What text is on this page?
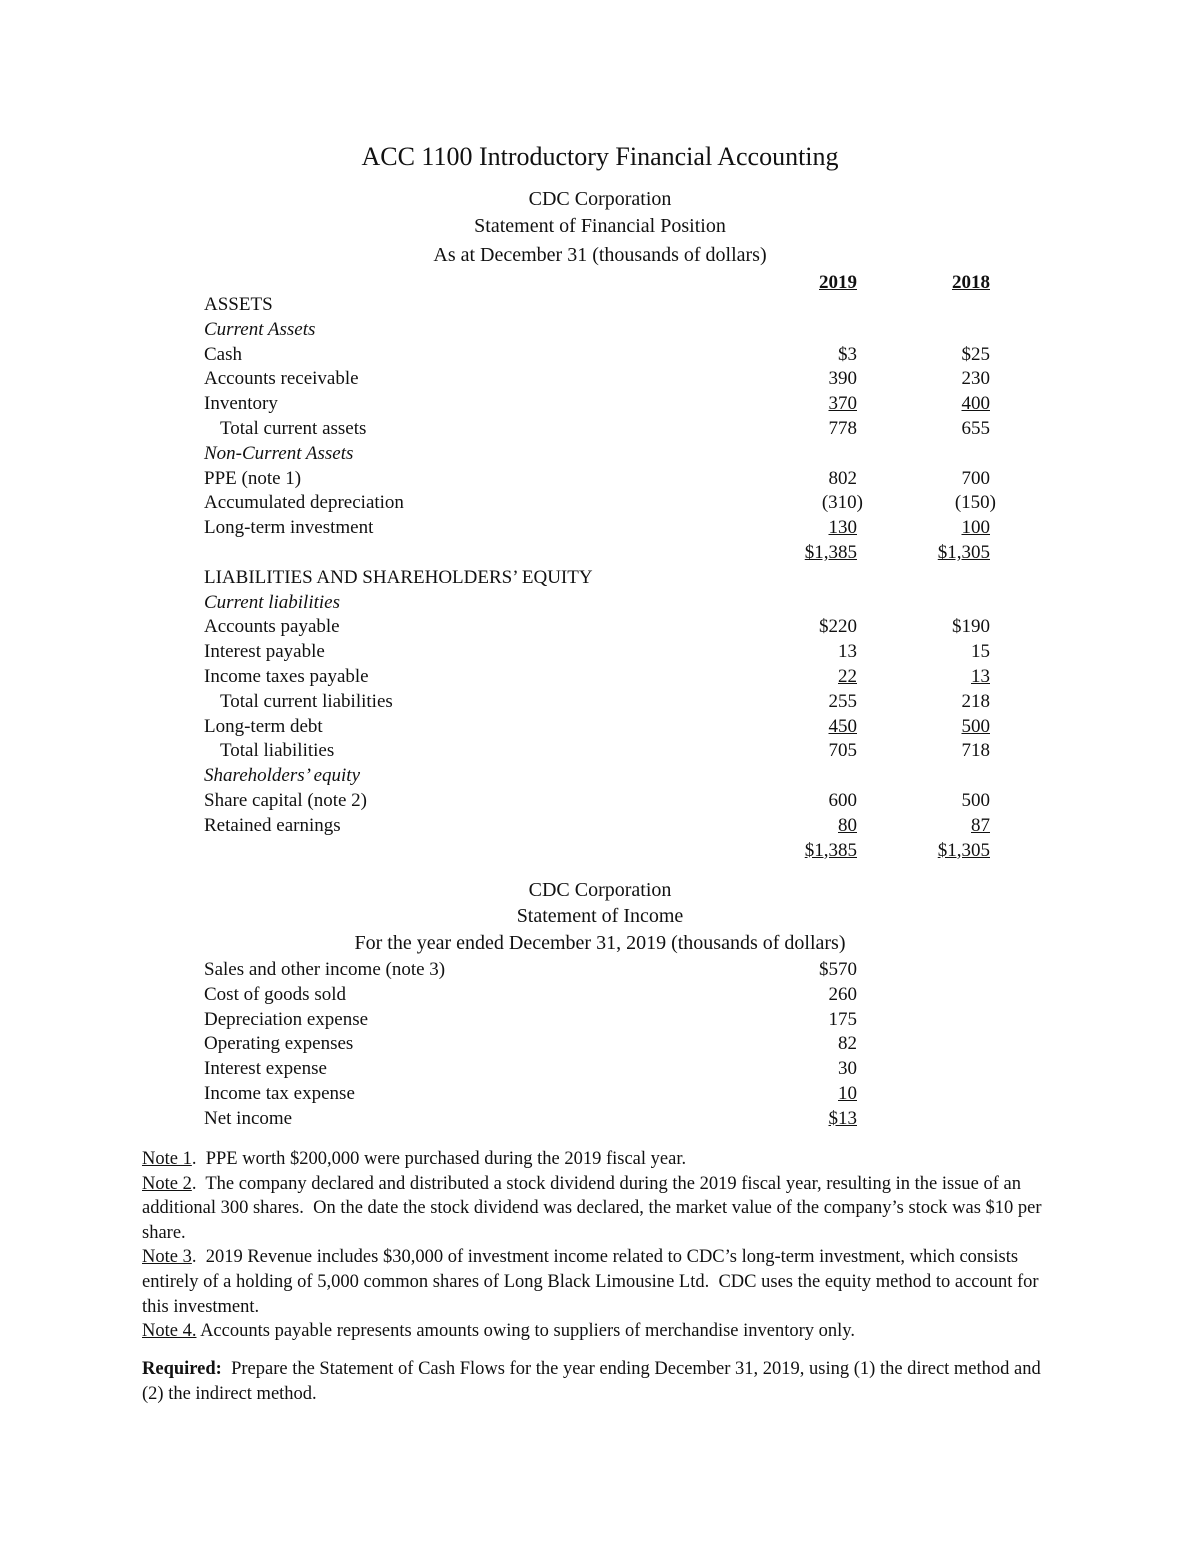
ACC 1100 Introductory Financial Accounting
CDC Corporation
Statement of Financial Position
As at December 31 (thousands of dollars)
2019	2018
ASSETS
Current Assets
Cash	$3	$25
Accounts receivable	390	230
Inventory	370	400
Total current assets	778	655
Non-Current Assets
PPE (note 1)	802	700
Accumulated depreciation	(310)	(150)
Long-term investment	130	100
$1,385	$1,305
LIABILITIES AND SHAREHOLDERS’ EQUITY
Current liabilities
Accounts payable	$220	$190
Interest payable	13	15
Income taxes payable	22	13
Total current liabilities	255	218
Long-term debt	450	500
Total liabilities	705	718
Shareholders’ equity
Share capital (note 2)	600	500
Retained earnings	80	87
$1,385	$1,305
CDC Corporation
Statement of Income
For the year ended December 31, 2019 (thousands of dollars)
Sales and other income (note 3)	$570
Cost of goods sold	260
Depreciation expense	175
Operating expenses	82
Interest expense	30
Income tax expense	10
Net income	$13

Note 1.  PPE worth $200,000 were purchased during the 2019 fiscal year.

Note 2.  The company declared and distributed a stock dividend during the 2019 fiscal year, resulting in the issue of an additional 300 shares.  On the date the stock dividend was declared, the market value of the company’s stock was $10 per share.

Note 3.  2019 Revenue includes $30,000 of investment income related to CDC’s long-term investment, which consists entirely of a holding of 5,000 common shares of Long Black Limousine Ltd.  CDC uses the equity method to account for this investment.

Note 4. Accounts payable represents amounts owing to suppliers of merchandise inventory only.

Required:  Prepare the Statement of Cash Flows for the year ending December 31, 2019, using (1) the direct method and (2) the indirect method.
